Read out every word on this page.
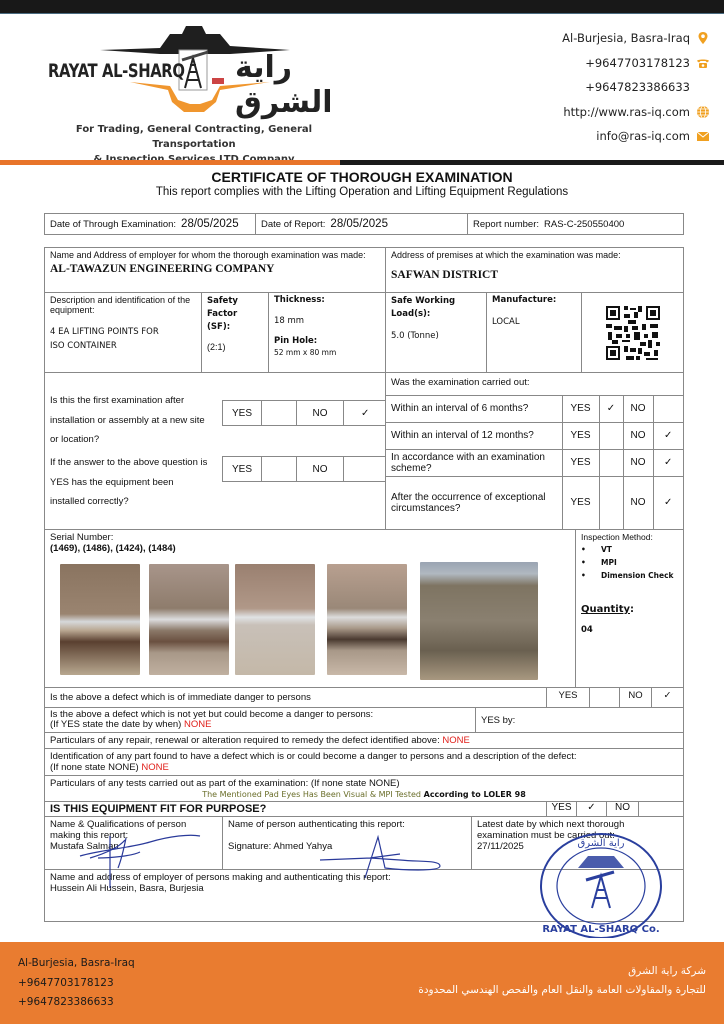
RAYAT AL-SHARQ راية الشرق
For Trading, General Contracting, General Transportation
Al-Burjesia, Basra-Iraq
+9647703178123
+9647823386633
http://www.ras-iq.com
info@ras-iq.com
CERTIFICATE OF THOROUGH EXAMINATION
This report complies with the Lifting Operation and Lifting Equipment Regulations
Date of Through Examination: 28/05/2025 Date of Report: 28/05/2025	Report number: RAS-C-250550400
Name and Address of employer for whom the thorough examination was made:
AL-TAWAZUN ENGINEERING COMPANY
Address of premises at which the examination was made:
SAFWAN DISTRICT
Description and identification of the equipment:
4 EA LIFTING POINTS FOR
ISO CONTAINER
Safety Factor (SF):
(2:1)
Thickness:
18 mm
Pin Hole:
52 mm x 80 mm
Safe Working Load(s):
5.0 (Tonne)
Manufacture:
LOCAL
Is this the first examination after installation or assembly at a new site or location?
YES		NO	✓
If the answer to the above question is YES has the equipment been installed correctly?
YES		NO	
Was the examination carried out:
Within an interval of 6 months?	YES	✓	NO	
Within an interval of 12 months?	YES		NO	✓
In accordance with an examination scheme?	YES		NO	✓
After the occurrence of exceptional circumstances?	YES		NO	✓
Serial Number:
(1469), (1486), (1424), (1484)
Inspection Method:
• VT
• MPI
• Dimension Check
Quantity:
04
Is the above a defect which is of immediate danger to persons	YES	NO	✓
Is the above a defect which is not yet but could become a danger to persons:
(If YES state the date by when) NONE	YES by:
Particulars of any repair, renewal or alteration required to remedy the defect identified above: NONE
Identification of any part found to have a defect which is or could become a danger to persons and a description of the defect:
(If none state NONE) NONE
Particulars of any tests carried out as part of the examination: (If none state NONE)
The Mentioned Pad Eyes Has Been Visual & MPI Tested According to LOLER 98
IS THIS EQUIPMENT FIT FOR PURPOSE?	YES	✓	NO
Name & Qualifications of person making this report:
Mustafa Salman
Name of person authenticating this report:
Signature: Ahmed Yahya
Latest date by which next thorough examination must be carried out:
27/11/2025
Name and address of employer of persons making and authenticating this report:
Hussein Ali Hussein, Basra, Burjesia
راية الشرق
RAYAT AL-SHARQ Co.
Al-Burjesia, Basra-Iraq
+9647703178123
+9647823386633
شركة راية الشرق
للتجارة والمقاولات العامة والنقل العام والفحص الهندسي المحدودة
